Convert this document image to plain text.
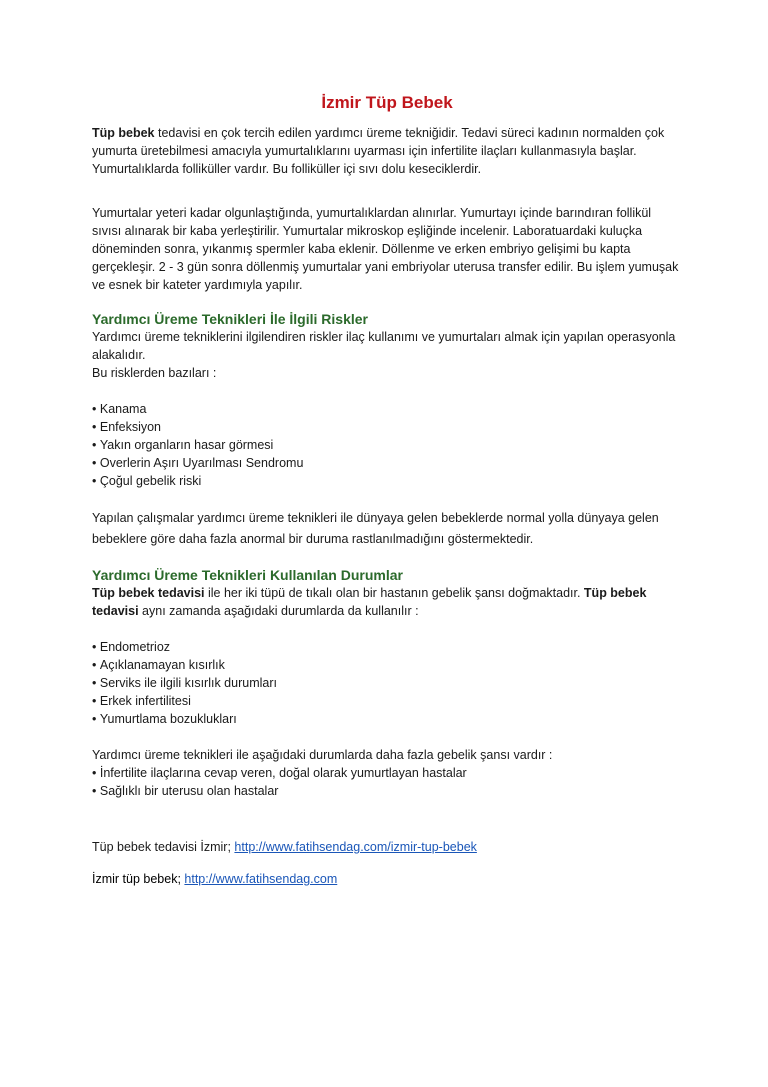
İzmir Tüp Bebek

Tüp bebek tedavisi en çok tercih edilen yardımcı üreme tekniğidir. Tedavi süreci kadının normalden çok yumurta üretebilmesi amacıyla yumurtalıklarını uyarması için infertilite ilaçları kullanmasıyla başlar. Yumurtalıklarda folliküller vardır. Bu folliküller içi sıvı dolu keseciklerdir.

Yumurtalar yeteri kadar olgunlaştığında, yumurtalıklardan alınırlar. Yumurtayı içinde barındıran follikül sıvısı alınarak bir kaba yerleştirilir. Yumurtalar mikroskop eşliğinde incelenir. Laboratuardaki kuluçka döneminden sonra, yıkanmış spermler kaba eklenir. Döllenme ve erken embriyo gelişimi bu kapta gerçekleşir. 2 - 3 gün sonra döllenmiş yumurtalar yani embriyolar uterusa transfer edilir. Bu işlem yumuşak ve esnek bir kateter yardımıyla yapılır.

Yardımcı Üreme Teknikleri İle İlgili Riskler

Yardımcı üreme tekniklerini ilgilendiren riskler ilaç kullanımı ve yumurtaları almak için yapılan operasyonla alakalıdır.

Bu risklerden bazıları :

• Kanama
• Enfeksiyon
• Yakın organların hasar görmesi
• Overlerin Aşırı Uyarılması Sendromu
• Çoğul gebelik riski

Yapılan çalışmalar yardımcı üreme teknikleri ile dünyaya gelen bebeklerde normal yolla dünyaya gelen bebeklere göre daha fazla anormal bir duruma rastlanılmadığını göstermektedir.

Yardımcı Üreme Teknikleri Kullanılan Durumlar

Tüp bebek tedavisi ile her iki tüpü de tıkalı olan bir hastanın gebelik şansı doğmaktadır. Tüp bebek tedavisi aynı zamanda aşağıdaki durumlarda da kullanılır :

• Endometrioz
• Açıklanamayan kısırlık
• Serviks ile ilgili kısırlık durumları
• Erkek infertilitesi
• Yumurtlama bozuklukları

Yardımcı üreme teknikleri ile aşağıdaki durumlarda daha fazla gebelik şansı vardır :

• İnfertilite ilaçlarına cevap veren, doğal olarak yumurtlayan hastalar
• Sağlıklı bir uterusu olan hastalar

Tüp bebek tedavisi İzmir; http://www.fatihsendag.com/izmir-tup-bebek

İzmir tüp bebek; http://www.fatihsendag.com
